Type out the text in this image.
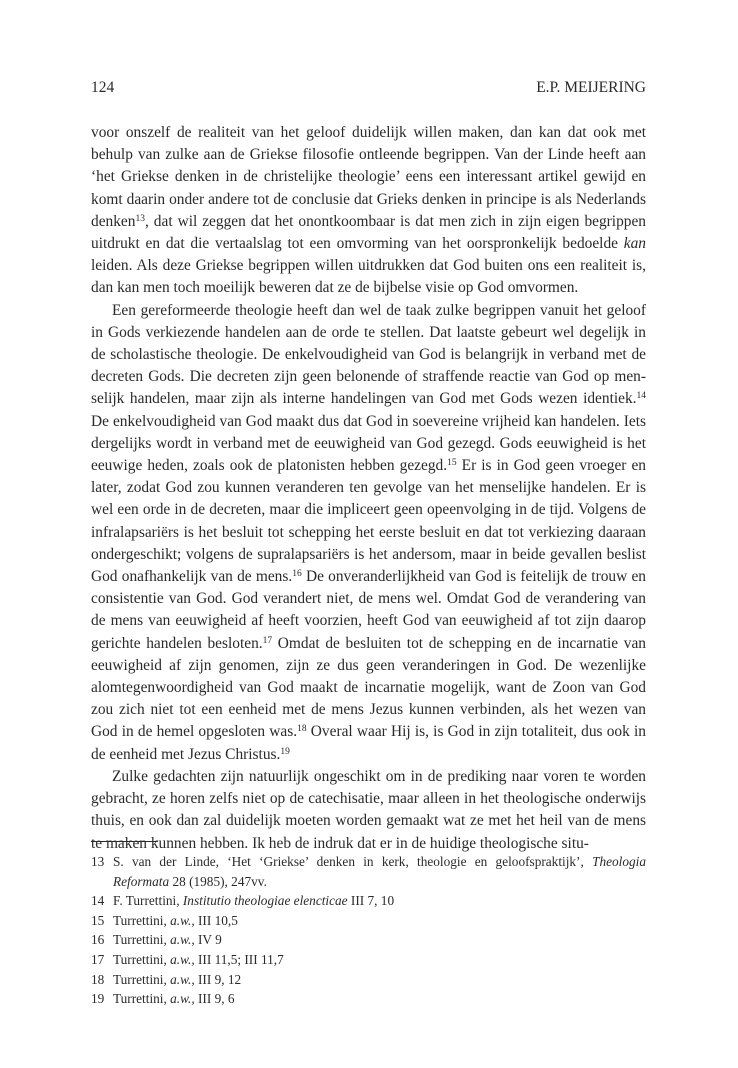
124	E.P. MEIJERING

voor onszelf de realiteit van het geloof duidelijk willen maken, dan kan dat ook met behulp van zulke aan de Griekse filosofie ontleende begrippen. Van der Linde heeft aan ‘het Griekse denken in de christelijke theologie’ eens een interessant artikel gewijd en komt daarin onder andere tot de conclusie dat Grieks denken in principe is als Nederlands denken$^{13}$, dat wil zeggen dat het onontkoombaar is dat men zich in zijn eigen begrippen uitdrukt en dat die vertaalslag tot een omvorming van het oorspronkelijk bedoelde kan leiden. Als deze Griekse begrippen willen uitdrukken dat God buiten ons een realiteit is, dan kan men toch moeilijk beweren dat ze de bijbelse visie op God omvormen.

Een gereformeerde theologie heeft dan wel de taak zulke begrippen vanuit het geloof in Gods verkiezende handelen aan de orde te stellen. Dat laatste gebeurt wel degelijk in de scholastische theologie. De enkelvoudigheid van God is belangrijk in verband met de decreten Gods. Die decreten zijn geen belonende of straffende reactie van God op menselijk handelen, maar zijn als interne handelingen van God met Gods wezen identiek.$^{14}$ De enkelvoudigheid van God maakt dus dat God in soevereine vrijheid kan handelen. Iets dergelijks wordt in verband met de eeuwigheid van God gezegd. Gods eeuwigheid is het eeuwige heden, zoals ook de platonisten hebben gezegd.$^{15}$ Er is in God geen vroeger en later, zodat God zou kunnen veranderen ten gevolge van het menselijke handelen. Er is wel een orde in de decreten, maar die impliceert geen opeenvolging in de tijd. Volgens de infralapsariërs is het besluit tot schepping het eerste besluit en dat tot verkiezing daaraan ondergeschikt; volgens de supralapsariërs is het andersom, maar in beide gevallen beslist God onafhankelijk van de mens.$^{16}$ De onveranderlijkheid van God is feitelijk de trouw en consistentie van God. God verandert niet, de mens wel. Omdat God de verandering van de mens van eeuwigheid af heeft voorzien, heeft God van eeuwigheid af tot zijn daarop gerichte handelen besloten.$^{17}$ Omdat de besluiten tot de schepping en de incarnatie van eeuwigheid af zijn genomen, zijn ze dus geen veranderingen in God. De wezenlijke alomtegenwoordigheid van God maakt de incarnatie mogelijk, want de Zoon van God zou zich niet tot een eenheid met de mens Jezus kunnen verbinden, als het wezen van God in de hemel opgesloten was.$^{18}$ Overal waar Hij is, is God in zijn totaliteit, dus ook in de eenheid met Jezus Christus.$^{19}$

Zulke gedachten zijn natuurlijk ongeschikt om in de prediking naar voren te worden gebracht, ze horen zelfs niet op de catechisatie, maar alleen in het theologische onderwijs thuis, en ook dan zal duidelijk moeten worden gemaakt wat ze met het heil van de mens te maken kunnen hebben. Ik heb de indruk dat er in de huidige theologische situ-

13 S. van der Linde, ‘Het ‘Griekse’ denken in kerk, theologie en geloofspraktijk’, Theologia Reformata 28 (1985), 247vv.
14 F. Turrettini, Institutio theologiae elencticae III 7, 10
15 Turrettini, a.w., III 10,5
16 Turrettini, a.w., IV 9
17 Turrettini, a.w., III 11,5; III 11,7
18 Turrettini, a.w., III 9, 12
19 Turrettini, a.w., III 9, 6
